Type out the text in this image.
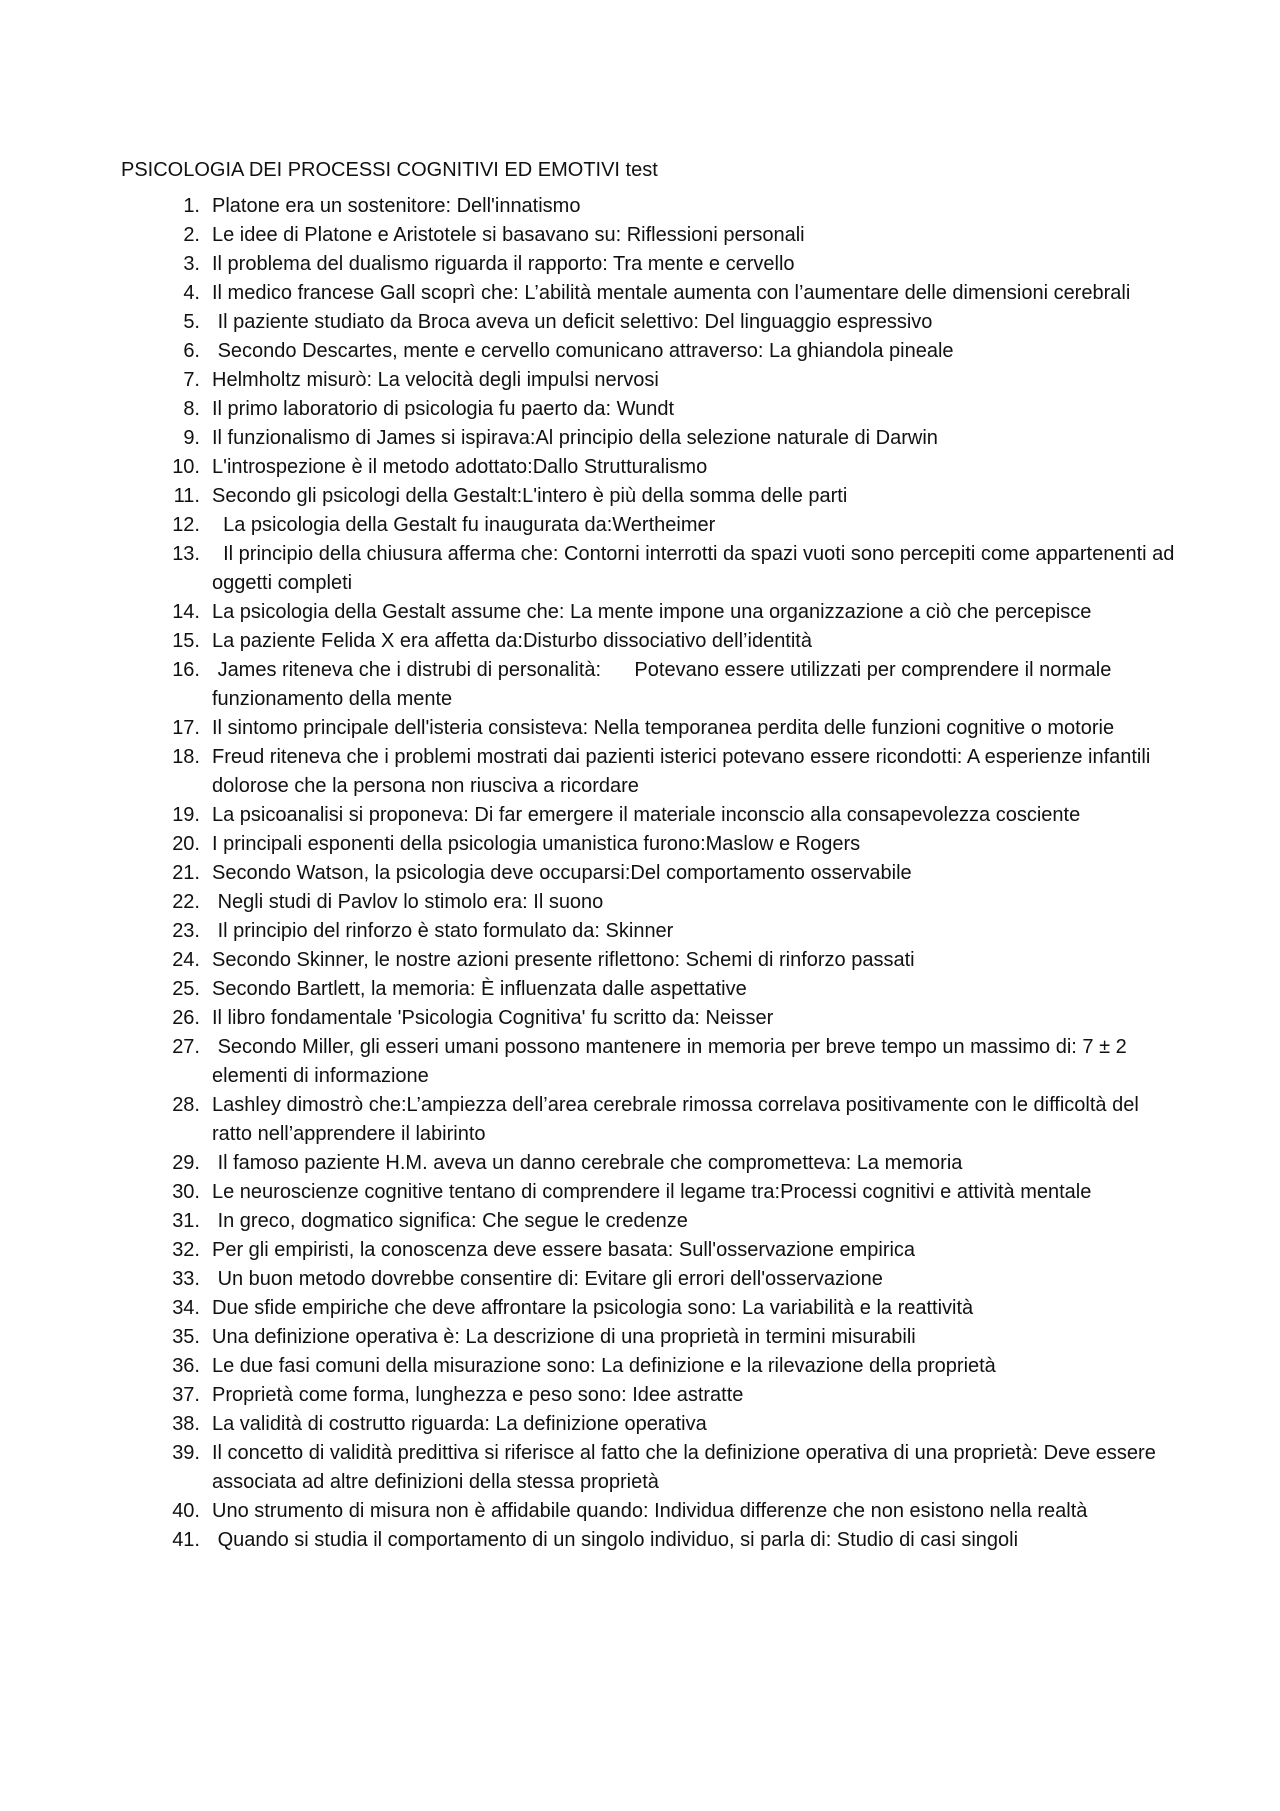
PSICOLOGIA DEI PROCESSI COGNITIVI ED EMOTIVI test
1. Platone era un sostenitore: Dell'innatismo
2. Le idee di Platone e Aristotele si basavano su: Riflessioni personali
3. Il problema del dualismo riguarda il rapporto: Tra mente e cervello
4. Il medico francese Gall scoprì che: L’abilità mentale aumenta con l’aumentare delle dimensioni cerebrali
5. Il paziente studiato da Broca aveva un deficit selettivo: Del linguaggio espressivo
6. Secondo Descartes, mente e cervello comunicano attraverso: La ghiandola pineale
7. Helmholtz misurò: La velocità degli impulsi nervosi
8. Il primo laboratorio di psicologia fu paerto da: Wundt
9. Il funzionalismo di James si ispirava:Al principio della selezione naturale di Darwin
10. L'introspezione è il metodo adottato:Dallo Strutturalismo
11. Secondo gli psicologi della Gestalt:L'intero è più della somma delle parti
12. La psicologia della Gestalt fu inaugurata da:Wertheimer
13. Il principio della chiusura afferma che: Contorni interrotti da spazi vuoti sono percepiti come appartenenti ad oggetti completi
14. La psicologia della Gestalt assume che: La mente impone una organizzazione a ciò che percepisce
15. La paziente Felida X era affetta da:Disturbo dissociativo dell’identità
16. James riteneva che i distrubi di personalità:      Potevano essere utilizzati per comprendere il normale funzionamento della mente
17. Il sintomo principale dell'isteria consisteva: Nella temporanea perdita delle funzioni cognitive o motorie
18. Freud riteneva che i problemi mostrati dai pazienti isterici potevano essere ricondotti: A esperienze infantili dolorose che la persona non riusciva a ricordare
19. La psicoanalisi si proponeva: Di far emergere il materiale inconscio alla consapevolezza cosciente
20. I principali esponenti della psicologia umanistica furono:Maslow e Rogers
21. Secondo Watson, la psicologia deve occuparsi:Del comportamento osservabile
22. Negli studi di Pavlov lo stimolo era: Il suono
23. Il principio del rinforzo è stato formulato da: Skinner
24. Secondo Skinner, le nostre azioni presente riflettono: Schemi di rinforzo passati
25. Secondo Bartlett, la memoria: È influenzata dalle aspettative
26. Il libro fondamentale 'Psicologia Cognitiva' fu scritto da: Neisser
27. Secondo Miller, gli esseri umani possono mantenere in memoria per breve tempo un massimo di: 7 ± 2 elementi di informazione
28. Lashley dimostrò che:L’ampiezza dell’area cerebrale rimossa correlava positivamente con le difficoltà del ratto nell’apprendere il labirinto
29. Il famoso paziente H.M. aveva un danno cerebrale che comprometteva: La memoria
30. Le neuroscienze cognitive tentano di comprendere il legame tra:Processi cognitivi e attività mentale
31. In greco, dogmatico significa: Che segue le credenze
32. Per gli empiristi, la conoscenza deve essere basata: Sull'osservazione empirica
33. Un buon metodo dovrebbe consentire di: Evitare gli errori dell'osservazione
34. Due sfide empiriche che deve affrontare la psicologia sono: La variabilità e la reattività
35. Una definizione operativa è: La descrizione di una proprietà in termini misurabili
36. Le due fasi comuni della misurazione sono: La definizione e la rilevazione della proprietà
37. Proprietà come forma, lunghezza e peso sono: Idee astratte
38. La validità di costrutto riguarda: La definizione operativa
39. Il concetto di validità predittiva si riferisce al fatto che la definizione operativa di una proprietà: Deve essere associata ad altre definizioni della stessa proprietà
40. Uno strumento di misura non è affidabile quando: Individua differenze che non esistono nella realtà
41. Quando si studia il comportamento di un singolo individuo, si parla di: Studio di casi singoli
